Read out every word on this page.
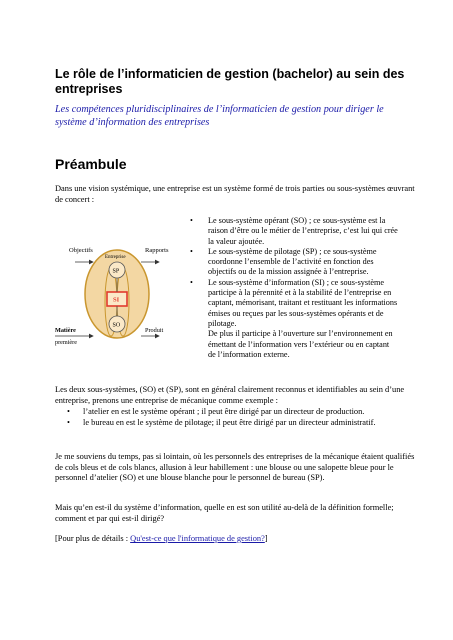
Le rôle de l’informaticien de gestion (bachelor) au sein des entreprises

Les compétences pluridisciplinaires de l’informaticien de gestion pour diriger le système d’information des entreprises

Préambule

Dans une vision systémique, une entreprise est un système formé de trois parties ou sous-systèmes œuvrant de concert :

Objectifs	Rapports
Entreprise
SP
SI
SO
Matière
première
Produit
• Le sous-système opérant (SO) ; ce sous-système est la raison d’être ou le métier de l’entreprise, c’est lui qui crée la valeur ajoutée.
• Le sous-système de pilotage (SP) ; ce sous-système coordonne l’ensemble de l’activité en fonction des objectifs ou de la mission assignée à l’entreprise.
• Le sous-système d’information (SI) ; ce sous-système participe à la pérennité et à la stabilité de l’entreprise en captant, mémorisant, traitant et restituant les informations émises ou reçues par les sous-systèmes opérants et de pilotage.
De plus il participe à l’ouverture sur l’environnement en émettant de l’information vers l’extérieur ou en captant de l’information externe.

Les deux sous-systèmes, (SO) et (SP), sont en général clairement reconnus et identifiables au sein d’une entreprise, prenons une entreprise de mécanique comme exemple :

• l’atelier en est le système opérant ; il peut être dirigé par un directeur de production.
• le bureau en est le système de pilotage; il peut être dirigé par un directeur administratif.

Je me souviens du temps, pas si lointain, où les personnels des entreprises de la mécanique étaient qualifiés de cols bleus et de cols blancs, allusion à leur habillement : une blouse ou une salopette bleue pour le personnel d’atelier (SO) et une blouse blanche pour le personnel de bureau (SP).

Mais qu’en est-il du système d’information, quelle en est son utilité au-delà de la définition formelle; comment et par qui est-il dirigé?

[Pour plus de détails : Qu'est-ce que l'informatique de gestion?]
